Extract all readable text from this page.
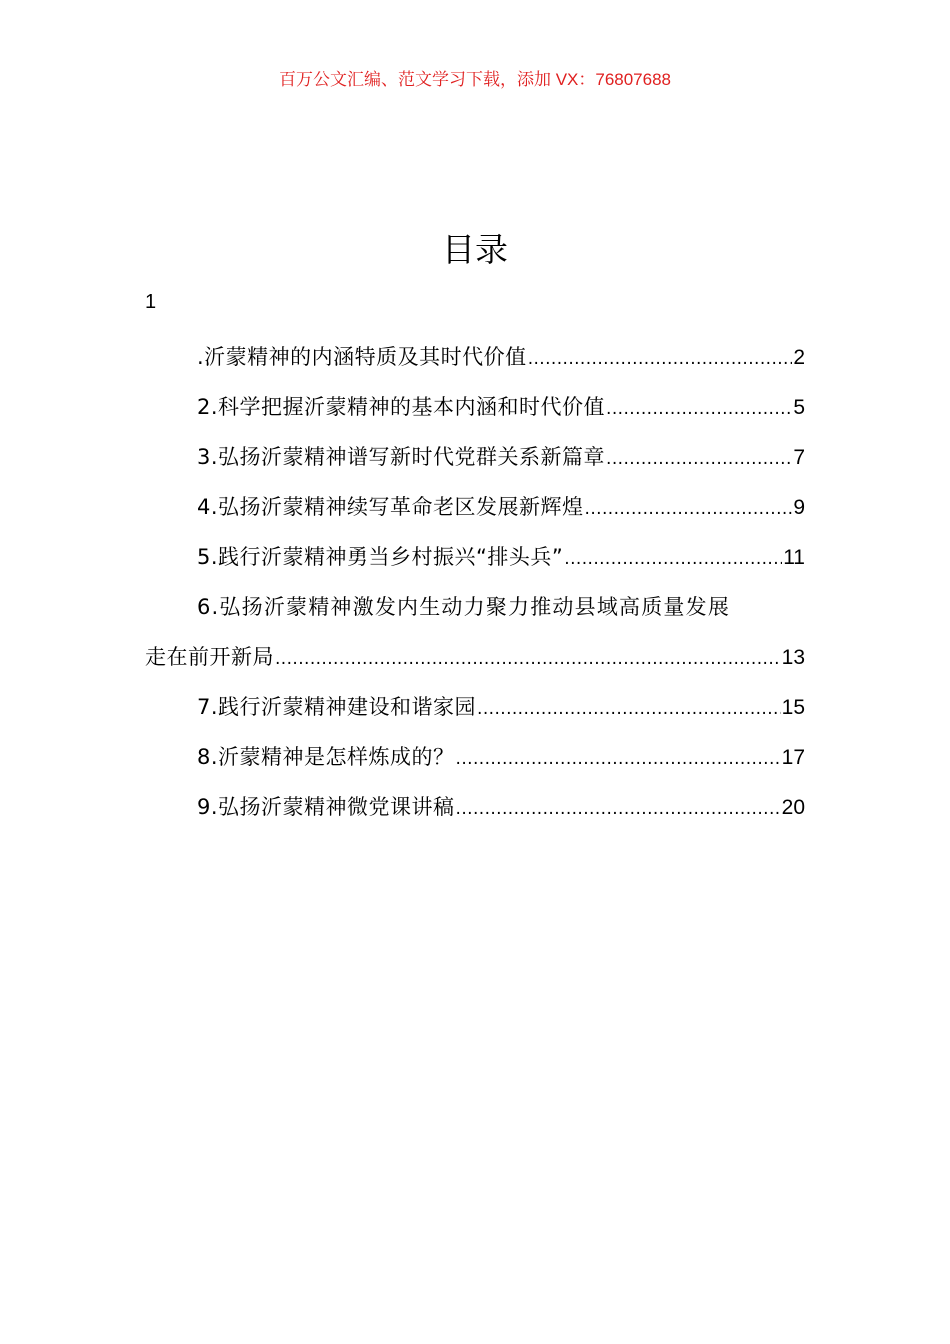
百万公文汇编、范文学习下载，添加 VX：76807688
目录
1
.沂蒙精神的内涵特质及其时代价值 .....	2
2.科学把握沂蒙精神的基本内涵和时代价值 .....	5
3.弘扬沂蒙精神谱写新时代党群关系新篇章 .....	7
4.弘扬沂蒙精神续写革命老区发展新辉煌 .....	9
5.践行沂蒙精神勇当乡村振兴“排头兵” .....	11
6.弘扬沂蒙精神激发内生动力聚力推动县域高质量发展
走在前开新局 .....	13
7.践行沂蒙精神建设和谐家园 .....	15
8.沂蒙精神是怎样炼成的？ .....	17
9.弘扬沂蒙精神微党课讲稿 .....	20
